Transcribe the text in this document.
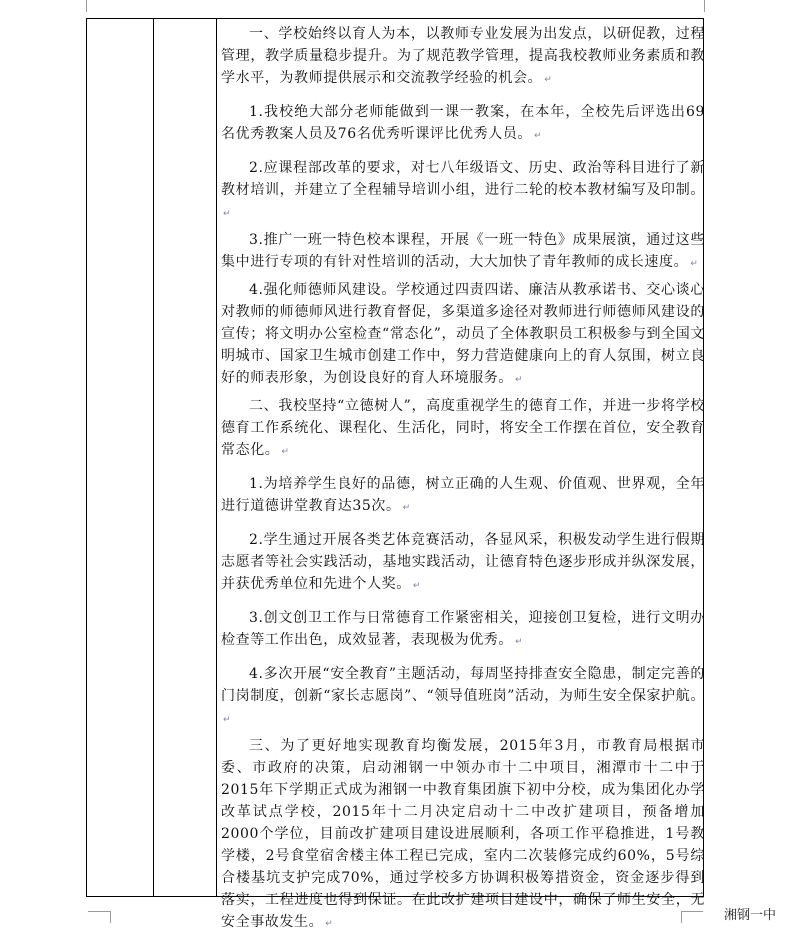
一、学校始终以育人为本，以教师专业发展为出发点，以研促教，过程管理，教学质量稳步提升。为了规范教学管理，提高我校教师业务素质和教学水平，为教师提供展示和交流教学经验的机会。 ↵

1.我校绝大部分老师能做到一课一教案，在本年，全校先后评选出69名优秀教案人员及76名优秀听课评比优秀人员。 ↵

2.应课程部改革的要求，对七八年级语文、历史、政治等科目进行了新教材培训，并建立了全程辅导培训小组，进行二轮的校本教材编写及印制。↵

3.推广一班一特色校本课程，开展《一班一特色》成果展演，通过这些集中进行专项的有针对性培训的活动，大大加快了青年教师的成长速度。 ↵

4.强化师德师风建设。学校通过四责四诺、廉洁从教承诺书、交心谈心对教师的师德师风进行教育督促，多渠道多途径对教师进行师德师风建设的宣传；将文明办公室检查“常态化”，动员了全体教职员工积极参与到全国文明城市、国家卫生城市创建工作中，努力营造健康向上的育人氛围，树立良好的师表形象，为创设良好的育人环境服务。 ↵

二、我校坚持“立德树人”，高度重视学生的德育工作，并进一步将学校德育工作系统化、课程化、生活化，同时，将安全工作摆在首位，安全教育常态化。 ↵

1.为培养学生良好的品德，树立正确的人生观、价值观、世界观，全年进行道德讲堂教育达35次。 ↵

2.学生通过开展各类艺体竞赛活动，各显风采，积极发动学生进行假期志愿者等社会实践活动，基地实践活动，让德育特色逐步形成并纵深发展，并获优秀单位和先进个人奖。 ↵

3.创文创卫工作与日常德育工作紧密相关，迎接创卫复检，进行文明办检查等工作出色，成效显著，表现极为优秀。 ↵

4.多次开展“安全教育”主题活动，每周坚持排查安全隐患，制定完善的门岗制度，创新“家长志愿岗”、“领导值班岗”活动，为师生安全保家护航。↵

三、为了更好地实现教育均衡发展，2015年3月，市教育局根据市委、市政府的决策，启动湘钢一中领办市十二中项目，湘潭市十二中于2015年下学期正式成为湘钢一中教育集团旗下初中分校，成为集团化办学改革试点学校，2015年十二月决定启动十二中改扩建项目，预备增加2000个学位，目前改扩建项目建设进展顺利，各项工作平稳推进，1号教学楼，2号食堂宿舍楼主体工程已完成，室内二次装修完成约60%，5号综合楼基坑支护完成70%，通过学校多方协调积极筹措资金，资金逐步得到落实，工程进度也得到保证。在此改扩建项目建设中，确保了师生安全，无安全事故发生。 ↵

湘钢一中
